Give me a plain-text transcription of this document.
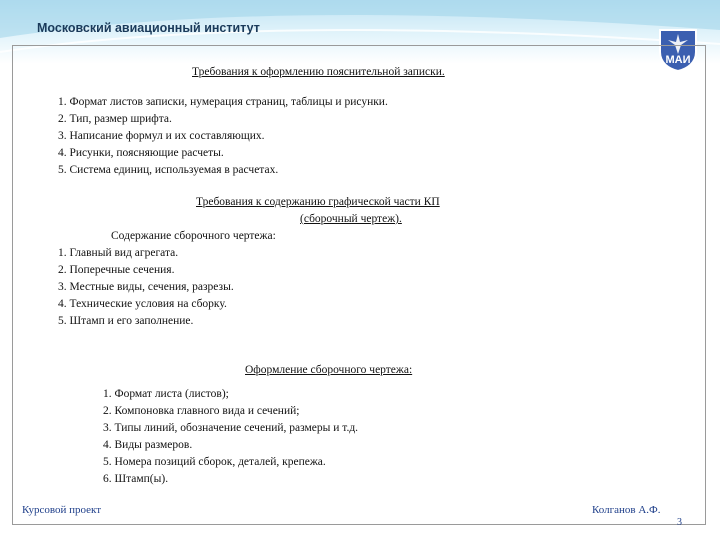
Московский авиационный институт
МАИ
Требования к оформлению пояснительной записки.
1. Формат листов записки, нумерация страниц, таблицы и рисунки.
2. Тип, размер шрифта.
3. Написание формул и их составляющих.
4. Рисунки, поясняющие расчеты.
5. Система единиц, используемая в расчетах.
Требования к содержанию графической части КП
(сборочный чертеж).
Содержание сборочного чертежа:
1. Главный вид агрегата.
2. Поперечные сечения.
3. Местные виды, сечения, разрезы.
4. Технические условия на сборку.
5. Штамп и его заполнение.
Оформление сборочного чертежа:
1. Формат листа (листов);
2. Компоновка главного вида и сечений;
3. Типы линий, обозначение сечений, размеры и т.д.
4. Виды размеров.
5. Номера позиций сборок, деталей, крепежа.
6. Штамп(ы).
Курсовой проект	Колганов А.Ф.
3
